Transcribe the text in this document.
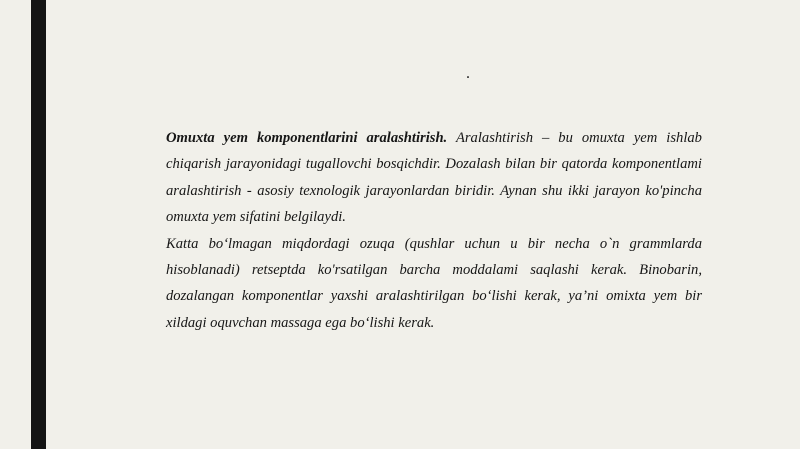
.

Omuxta yem komponentlarini aralashtirish. Aralashtirish – bu omuxta yem ishlab chiqarish jarayonidagi tugallovchi bosqichdir. Dozalash bilan bir qatorda komponentlami aralashtirish - asosiy texnologik jarayonlardan biridir. Aynan shu ikki jarayon ko'pincha omuxta yem sifatini belgilaydi.

Katta bo‘lmagan miqdordagi ozuqa (qushlar uchun u bir necha o`n grammlarda hisoblanadi) retseptda ko'rsatilgan barcha moddalami saqlashi kerak. Binobarin, dozalangan komponentlar yaxshi aralashtirilgan bo‘lishi kerak, ya’ni omixta yem bir xildagi oquvchan massaga ega bo‘lishi kerak.
